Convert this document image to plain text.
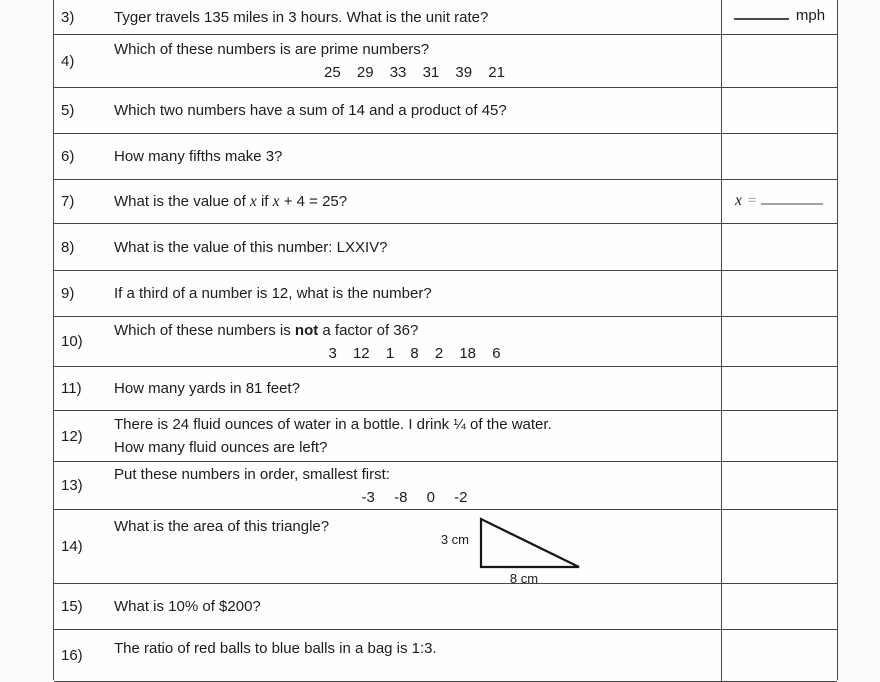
3)	Tyger travels 135 miles in 3 hours. What is the unit rate?	mph
4)
Which of these numbers is are prime numbers?
25 29 33 31 39 21
5)	Which two numbers have a sum of 14 and a product of 45?
6)	How many fifths make 3?
7)	What is the value of x if x + 4 = 25?	x =
8)	What is the value of this number: LXXIV?
9)	If a third of a number is 12, what is the number?
10)
Which of these numbers is not a factor of 36?
3 12 1 8 2 18 6
11)	How many yards in 81 feet?
12)
There is 24 fluid ounces of water in a bottle. I drink ¼ of the water.
How many fluid ounces are left?
13)
Put these numbers in order, smallest first:
-3 -8 0 -2
14)
What is the area of this triangle?
3 cm
8 cm
15)	What is 10% of $200?
16)	The ratio of red balls to blue balls in a bag is 1:3.
